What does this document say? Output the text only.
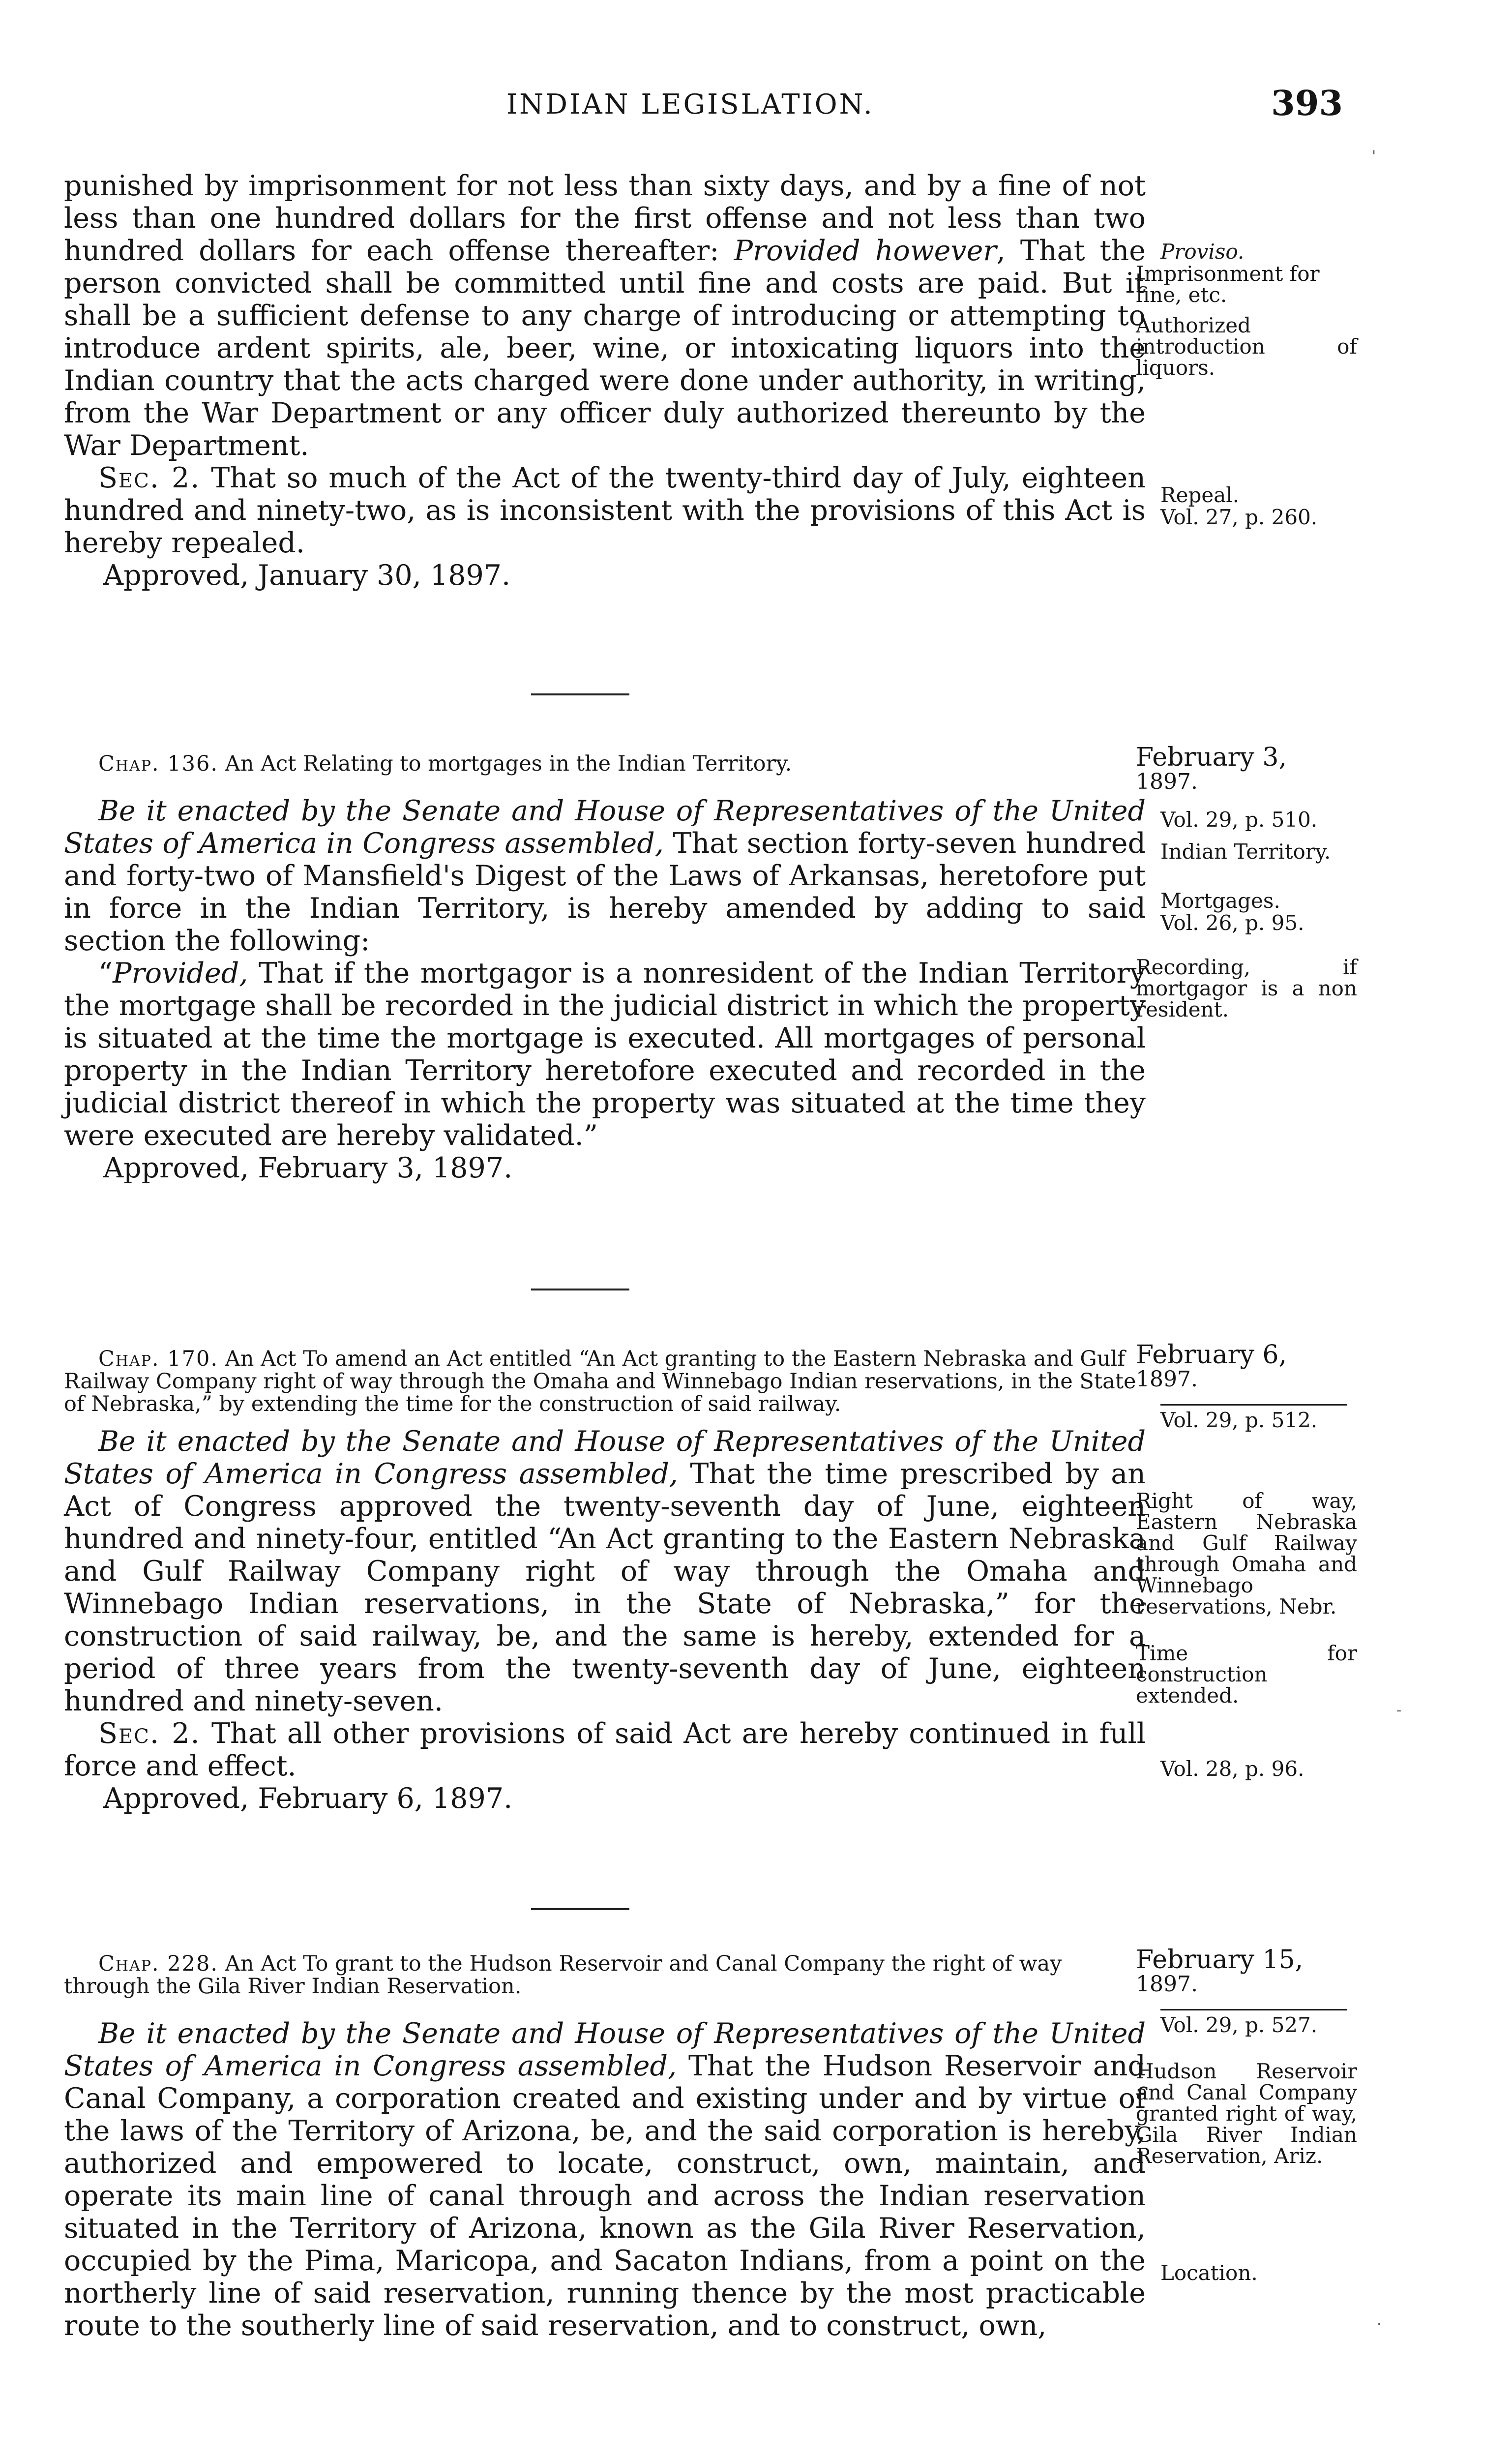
INDIAN LEGISLATION.	393

punished by imprisonment for not less than sixty days, and by a fine of not less than one hundred dollars for the first offense and not less than two hundred dollars for each offense thereafter: Provided however, That the person convicted shall be committed until fine and costs are paid. But it shall be a sufficient defense to any charge of introducing or attempting to introduce ardent spirits, ale, beer, wine, or intoxicating liquors into the Indian country that the acts charged were done under authority, in writing, from the War Department or any officer duly authorized thereunto by the War Department.

Sec. 2. That so much of the Act of the twenty-third day of July, eighteen hundred and ninety-two, as is inconsistent with the provisions of this Act is hereby repealed.

Approved, January 30, 1897.

Proviso.

Imprisonment for fine, etc.

Authorized introduction of liquors.

Repeal.

Vol. 27, p. 260.

Chap. 136. An Act Relating to mortgages in the Indian Territory.

Be it enacted by the Senate and House of Representatives of the United States of America in Congress assembled, That section forty-seven hundred and forty-two of Mansfield's Digest of the Laws of Arkansas, heretofore put in force in the Indian Territory, is hereby amended by adding to said section the following:

“Provided, That if the mortgagor is a nonresident of the Indian Territory the mortgage shall be recorded in the judicial district in which the property is situated at the time the mortgage is executed. All mortgages of personal property in the Indian Territory heretofore executed and recorded in the judicial district thereof in which the property was situated at the time they were executed are hereby validated.”

Approved, February 3, 1897.

February 3,
1897.

Vol. 29, p. 510.

Indian Territory.

Mortgages.

Vol. 26, p. 95.

Recording, if mortgagor is a non resident.

Chap. 170. An Act To amend an Act entitled “An Act granting to the Eastern Nebraska and Gulf Railway Company right of way through the Omaha and Winnebago Indian reservations, in the State of Nebraska,” by extending the time for the construction of said railway.

Be it enacted by the Senate and House of Representatives of the United States of America in Congress assembled, That the time prescribed by an Act of Congress approved the twenty-seventh day of June, eighteen hundred and ninety-four, entitled “An Act granting to the Eastern Nebraska and Gulf Railway Company right of way through the Omaha and Winnebago Indian reservations, in the State of Nebraska,” for the construction of said railway, be, and the same is hereby, extended for a period of three years from the twenty-seventh day of June, eighteen hundred and ninety-seven.

Sec. 2. That all other provisions of said Act are hereby continued in full force and effect.

Approved, February 6, 1897.

February 6,
1897.

Vol. 29, p. 512.

Right of way, Eastern Nebraska and Gulf Railway through Omaha and Winnebago reservations, Nebr.

Time for construction extended.

Vol. 28, p. 96.

Chap. 228. An Act To grant to the Hudson Reservoir and Canal Company the right of way through the Gila River Indian Reservation.

Be it enacted by the Senate and House of Representatives of the United States of America in Congress assembled, That the Hudson Reservoir and Canal Company, a corporation created and existing under and by virtue of the laws of the Territory of Arizona, be, and the said corporation is hereby, authorized and empowered to locate, construct, own, maintain, and operate its main line of canal through and across the Indian reservation situated in the Territory of Arizona, known as the Gila River Reservation, occupied by the Pima, Maricopa, and Sacaton Indians, from a point on the northerly line of said reservation, running thence by the most practicable route to the southerly line of said reservation, and to construct, own,

February 15,
1897.

Vol. 29, p. 527.

Hudson Reservoir and Canal Company granted right of way, Gila River Indian Reservation, Ariz.

Location.

'
-
.
